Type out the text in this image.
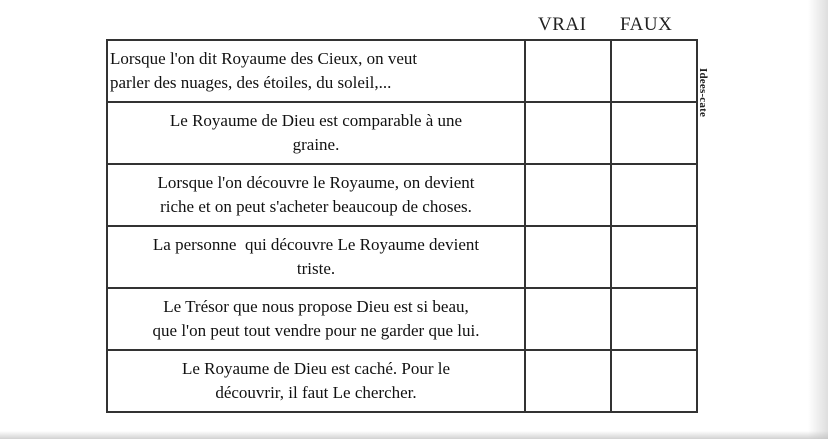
VRAI FAUX
Lorsque l'on dit Royaume des Cieux, on veut
parler des nuages, des étoiles, du soleil,...		
Le Royaume de Dieu est comparable à une
graine.		
Lorsque l'on découvre le Royaume, on devient
riche et on peut s'acheter beaucoup de choses.		
La personne  qui découvre Le Royaume devient
triste.		
Le Trésor que nous propose Dieu est si beau,
que l'on peut tout vendre pour ne garder que lui.		
Le Royaume de Dieu est caché. Pour le
découvrir, il faut Le chercher.		
Idees-cate
